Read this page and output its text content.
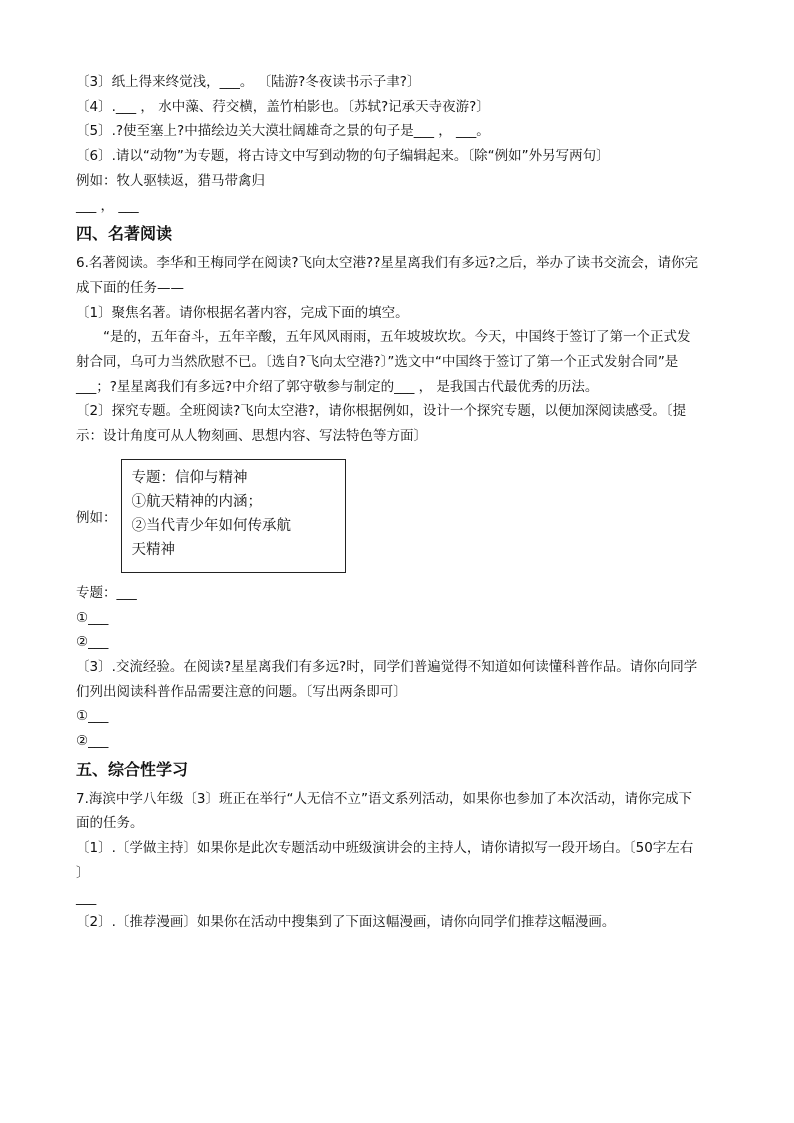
〔3〕纸上得来终觉浅，___。 〔陆游?冬夜读书示子聿?〕
〔4〕.___ ， 水中藻、荇交横，盖竹柏影也。〔苏轼?记承天寺夜游?〕
〔5〕.?使至塞上?中描绘边关大漠壮阔雄奇之景的句子是___ ， ___。
〔6〕.请以“动物”为专题，将古诗文中写到动物的句子编辑起来。〔除“例如”外另写两句〕
例如：牧人驱犊返，猎马带禽归
___ ， ___
四、名著阅读
6.名著阅读。李华和王梅同学在阅读?飞向太空港??星星离我们有多远?之后，举办了读书交流会，请你完
成下面的任务——
〔1〕聚焦名著。请你根据名著内容，完成下面的填空。
“是的，五年奋斗，五年辛酸，五年风风雨雨，五年坡坡坎坎。今天，中国终于签订了第一个正式发
射合同，乌可力当然欣慰不已。〔选自?飞向太空港?〕”选文中“中国终于签订了第一个正式发射合同”是
___；?星星离我们有多远?中介绍了郭守敬参与制定的___ ， 是我国古代最优秀的历法。
〔2〕探究专题。全班阅读?飞向太空港?，请你根据例如，设计一个探究专题，以便加深阅读感受。〔提
示：设计角度可从人物刻画、思想内容、写法特色等方面〕
例如：
专题：信仰与精神
①航天精神的内涵；
②当代青少年如何传承航
天精神
专题：___
①___
②___
〔3〕.交流经验。在阅读?星星离我们有多远?时，同学们普遍觉得不知道如何读懂科普作品。请你向同学
们列出阅读科普作品需要注意的问题。〔写出两条即可〕
①___
②___
五、综合性学习
7.海滨中学八年级〔3〕班正在举行“人无信不立”语文系列活动，如果你也参加了本次活动，请你完成下
面的任务。
〔1〕.〔学做主持〕如果你是此次专题活动中班级演讲会的主持人，请你请拟写一段开场白。〔50字左右
〕
___
〔2〕.〔推荐漫画〕如果你在活动中搜集到了下面这幅漫画，请你向同学们推荐这幅漫画。
